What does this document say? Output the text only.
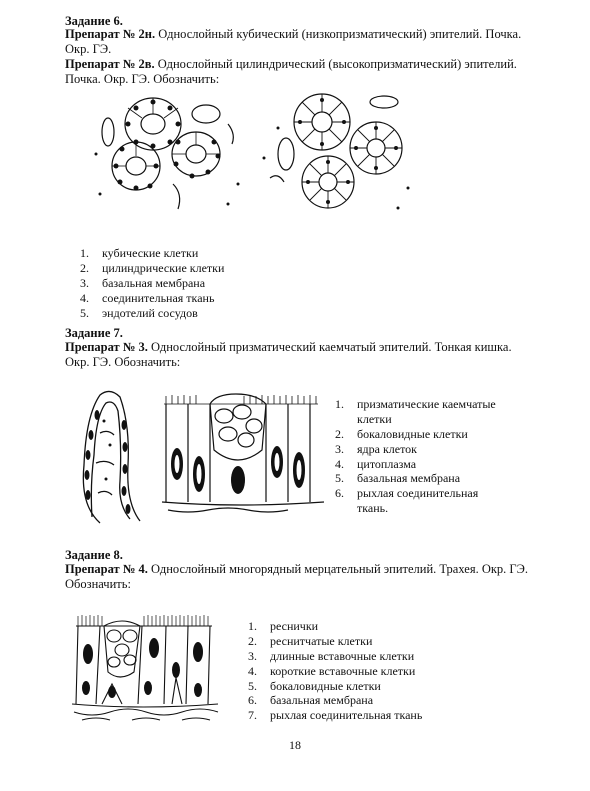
Задание 6.
Препарат № 2н. Однослойный кубический (низкопризматический) эпителий. Почка. Окр. ГЭ.
Препарат № 2в. Однослойный цилиндрический (высокопризматический) эпителий. Почка. Окр. ГЭ. Обозначить:
1. кубические клетки
2. цилиндрические клетки
3. базальная мембрана
4. соединительная ткань
5. эндотелий сосудов
Задание 7.
Препарат № 3. Однослойный призматический каемчатый эпителий. Тонкая кишка. Окр. ГЭ. Обозначить:
1. призматические каемчатые клетки
2. бокаловидные клетки
3. ядра клеток
4. цитоплазма
5. базальная мембрана
6. рыхлая соединительная ткань.
Задание 8.
Препарат № 4. Однослойный многорядный мерцательный эпителий. Трахея. Окр. ГЭ. Обозначить:
1. реснички
2. реснитчатые клетки
3. длинные вставочные клетки
4. короткие вставочные клетки
5. бокаловидные клетки
6. базальная мембрана
7. рыхлая соединительная ткань
18
